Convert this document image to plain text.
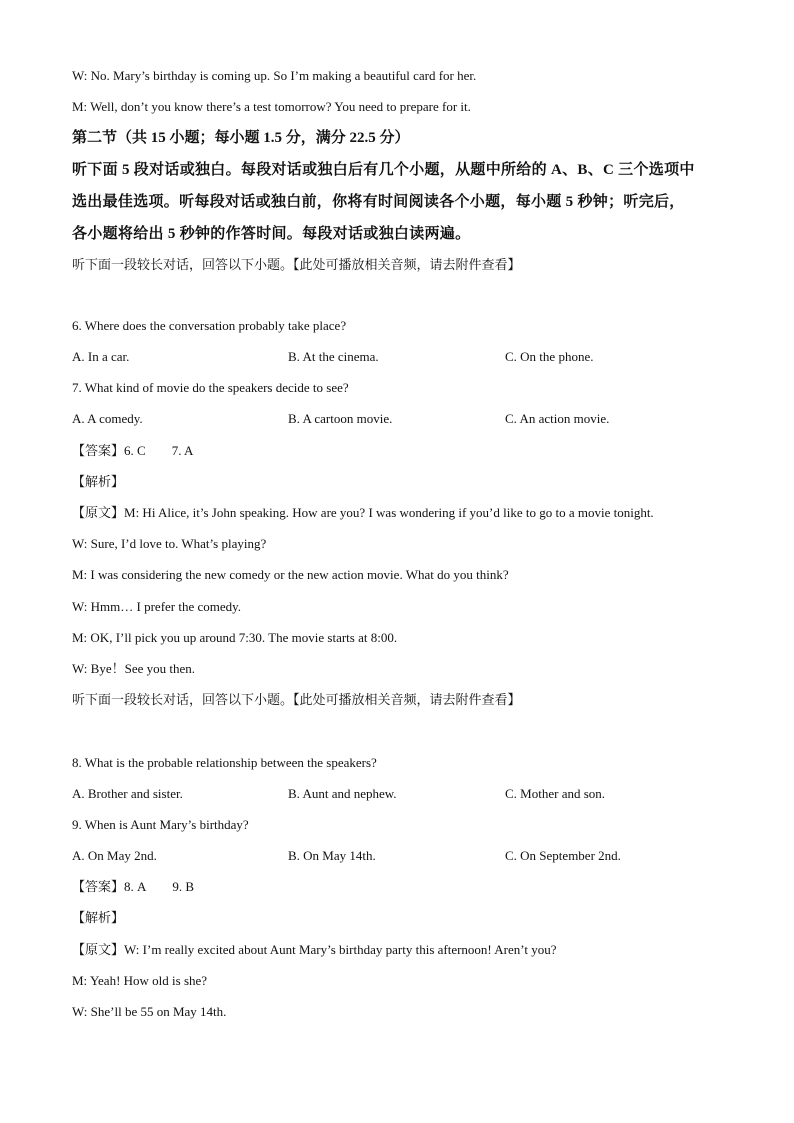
W: No. Mary’s birthday is coming up. So I’m making a beautiful card for her.
M: Well, don’t you know there’s a test tomorrow? You need to prepare for it.
第二节（共 15 小题；每小题 1.5 分，满分 22.5 分）
听下面 5 段对话或独白。每段对话或独白后有几个小题，从题中所给的 A、B、C 三个选项中
选出最佳选项。听每段对话或独白前，你将有时间阅读各个小题，每小题 5 秒钟；听完后，
各小题将给出 5 秒钟的作答时间。每段对话或独白读两遍。
听下面一段较长对话，回答以下小题。【此处可播放相关音频，请去附件查看】
6. Where does the conversation probably take place?
A. In a car.	B. At the cinema.	C. On the phone.
7. What kind of movie do the speakers decide to see?
A. A comedy.	B. A cartoon movie.	C. An action movie.
【答案】6. C 7. A
【解析】
【原文】M: Hi Alice, it’s John speaking. How are you? I was wondering if you’d like to go to a movie tonight.
W: Sure, I’d love to. What’s playing?
M: I was considering the new comedy or the new action movie. What do you think?
W: Hmm… I prefer the comedy.
M: OK, I’ll pick you up around 7:30. The movie starts at 8:00.
W: Bye！See you then.
听下面一段较长对话，回答以下小题。【此处可播放相关音频，请去附件查看】
8. What is the probable relationship between the speakers?
A. Brother and sister.	B. Aunt and nephew.	C. Mother and son.
9. When is Aunt Mary’s birthday?
A. On May 2nd.	B. On May 14th.	C. On September 2nd.
【答案】8. A 9. B
【解析】
【原文】W: I’m really excited about Aunt Mary’s birthday party this afternoon! Aren’t you?
M: Yeah! How old is she?
W: She’ll be 55 on May 14th.
